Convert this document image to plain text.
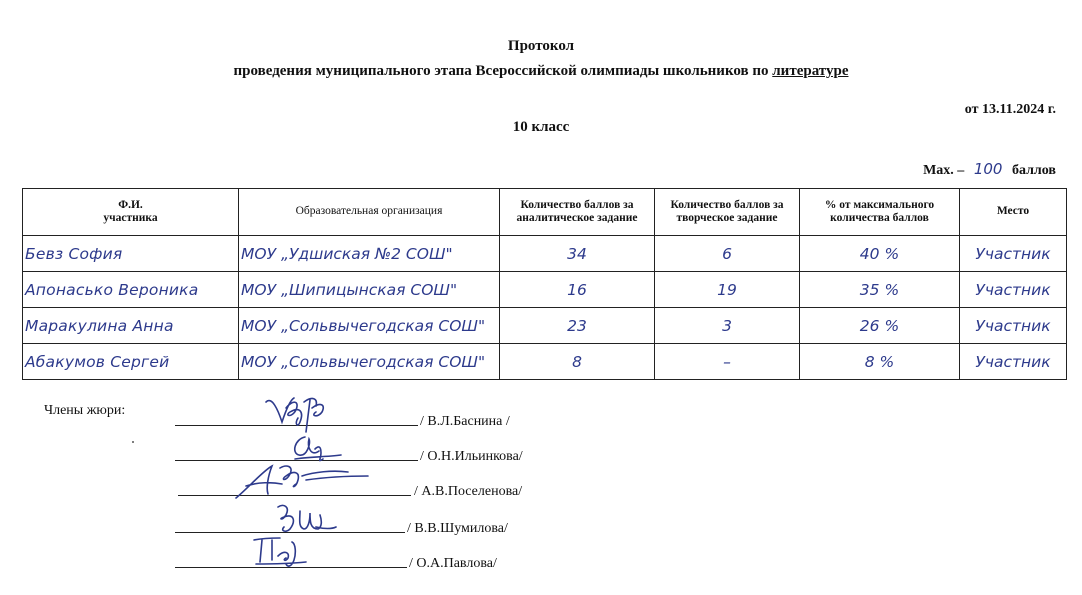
Протокол
проведения муниципального этапа Всероссийской олимпиады школьников по литературе
от 13.11.2024 г.
10 класс
Мах. – 100 баллов
Ф.И.
участника	Образовательная организация	Количество баллов за аналитическое задание	Количество баллов за творческое задание	% от максимального количества баллов	Место
Бевз София	МОУ „Удшиская №2 СОШ"	34	6	40 %	Участник
Апонасько Вероника	МОУ „Шипицынская СОШ"	16	19	35 %	Участник
Маракулина Анна	МОУ „Сольвычегодская СОШ"	23	3	26 %	Участник
Абакумов Сергей	МОУ „Сольвычегодская СОШ"	8	–	8 %	Участник
Члены жюри:
/ В.Л.Баснина /
/ О.Н.Ильинкова/
/ А.В.Поселенова/
/ В.В.Шумилова/
/ О.А.Павлова/
